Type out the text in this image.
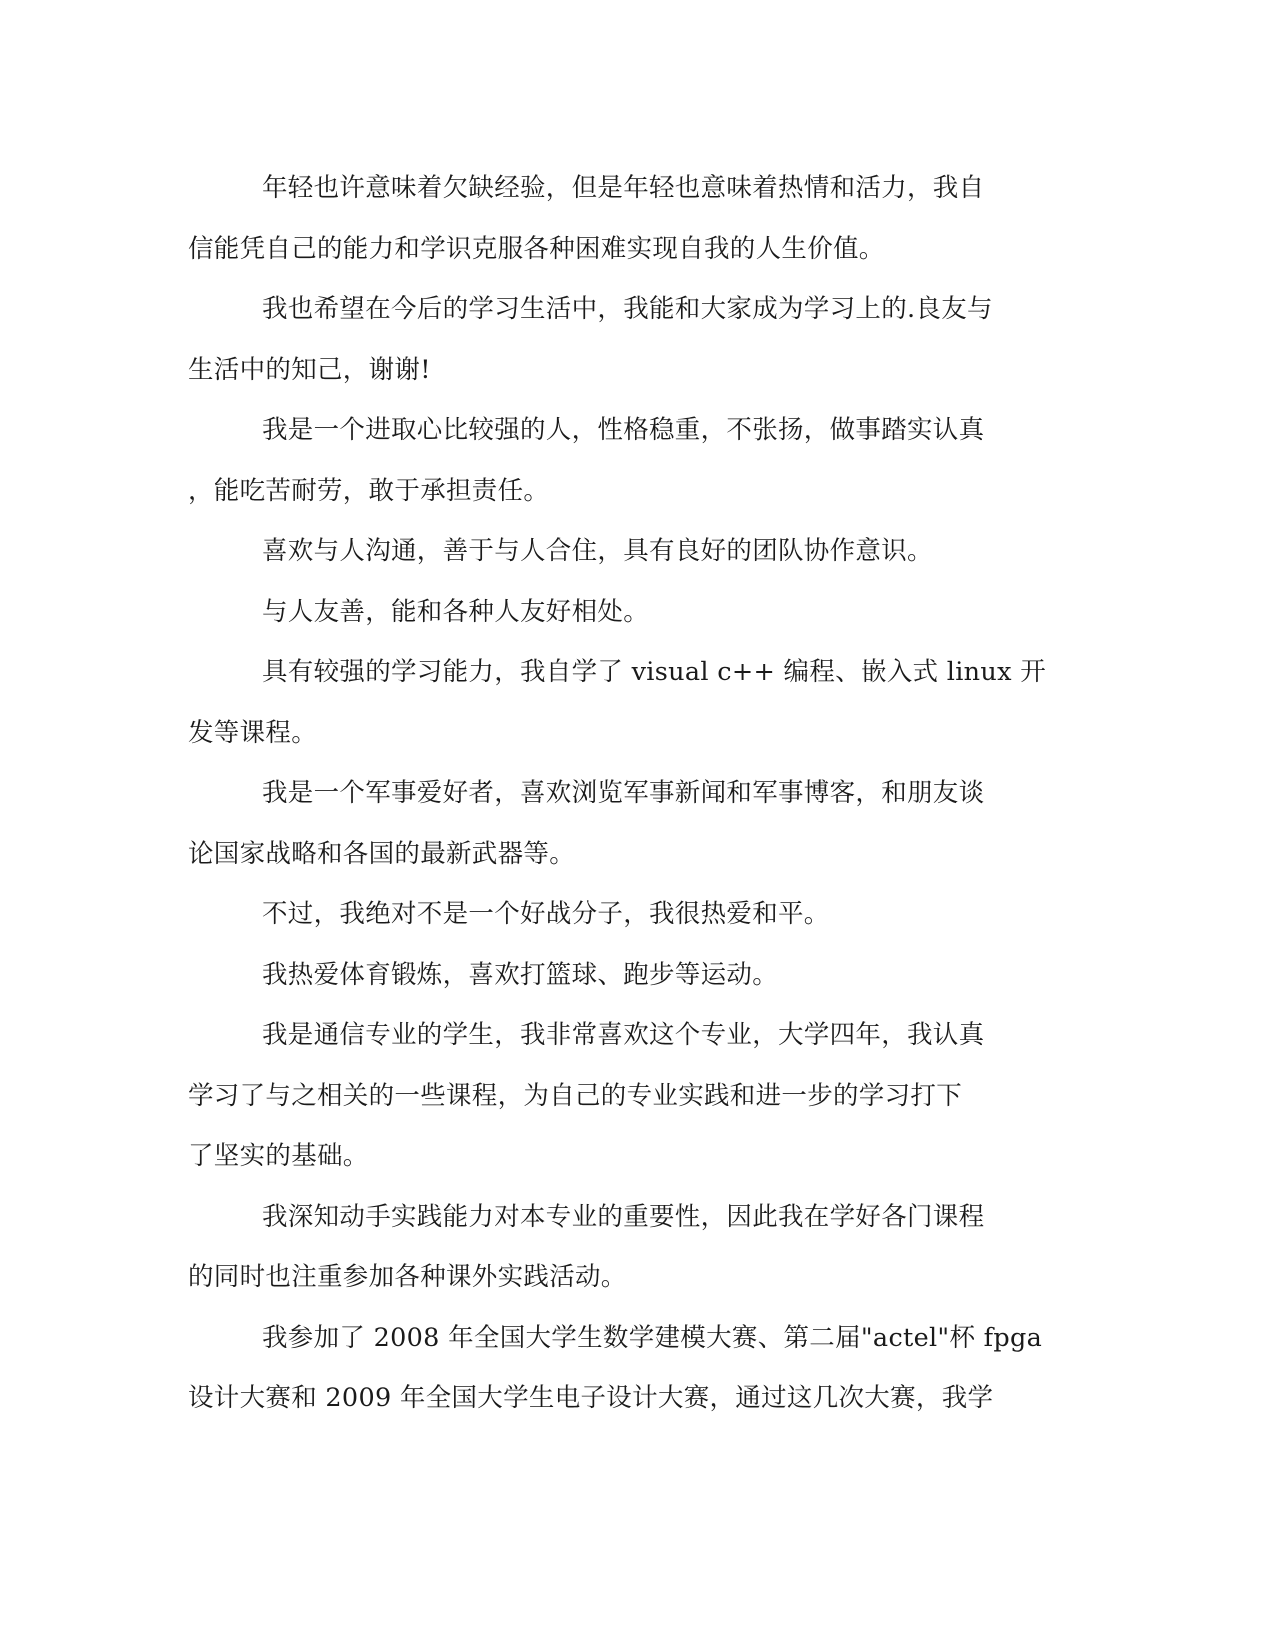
年轻也许意味着欠缺经验，但是年轻也意味着热情和活力，我自
信能凭自己的能力和学识克服各种困难实现自我的人生价值。
我也希望在今后的学习生活中，我能和大家成为学习上的.良友与
生活中的知己，谢谢!
我是一个进取心比较强的人，性格稳重，不张扬，做事踏实认真
，能吃苦耐劳，敢于承担责任。
喜欢与人沟通，善于与人合住，具有良好的团队协作意识。
与人友善，能和各种人友好相处。
具有较强的学习能力，我自学了 visual c++ 编程、嵌入式 linux 开
发等课程。
我是一个军事爱好者，喜欢浏览军事新闻和军事博客，和朋友谈
论国家战略和各国的最新武器等。
不过，我绝对不是一个好战分子，我很热爱和平。
我热爱体育锻炼，喜欢打篮球、跑步等运动。
我是通信专业的学生，我非常喜欢这个专业，大学四年，我认真
学习了与之相关的一些课程，为自己的专业实践和进一步的学习打下
了坚实的基础。
我深知动手实践能力对本专业的重要性，因此我在学好各门课程
的同时也注重参加各种课外实践活动。
我参加了 2008 年全国大学生数学建模大赛、第二届"actel"杯 fpga
设计大赛和 2009 年全国大学生电子设计大赛，通过这几次大赛，我学
